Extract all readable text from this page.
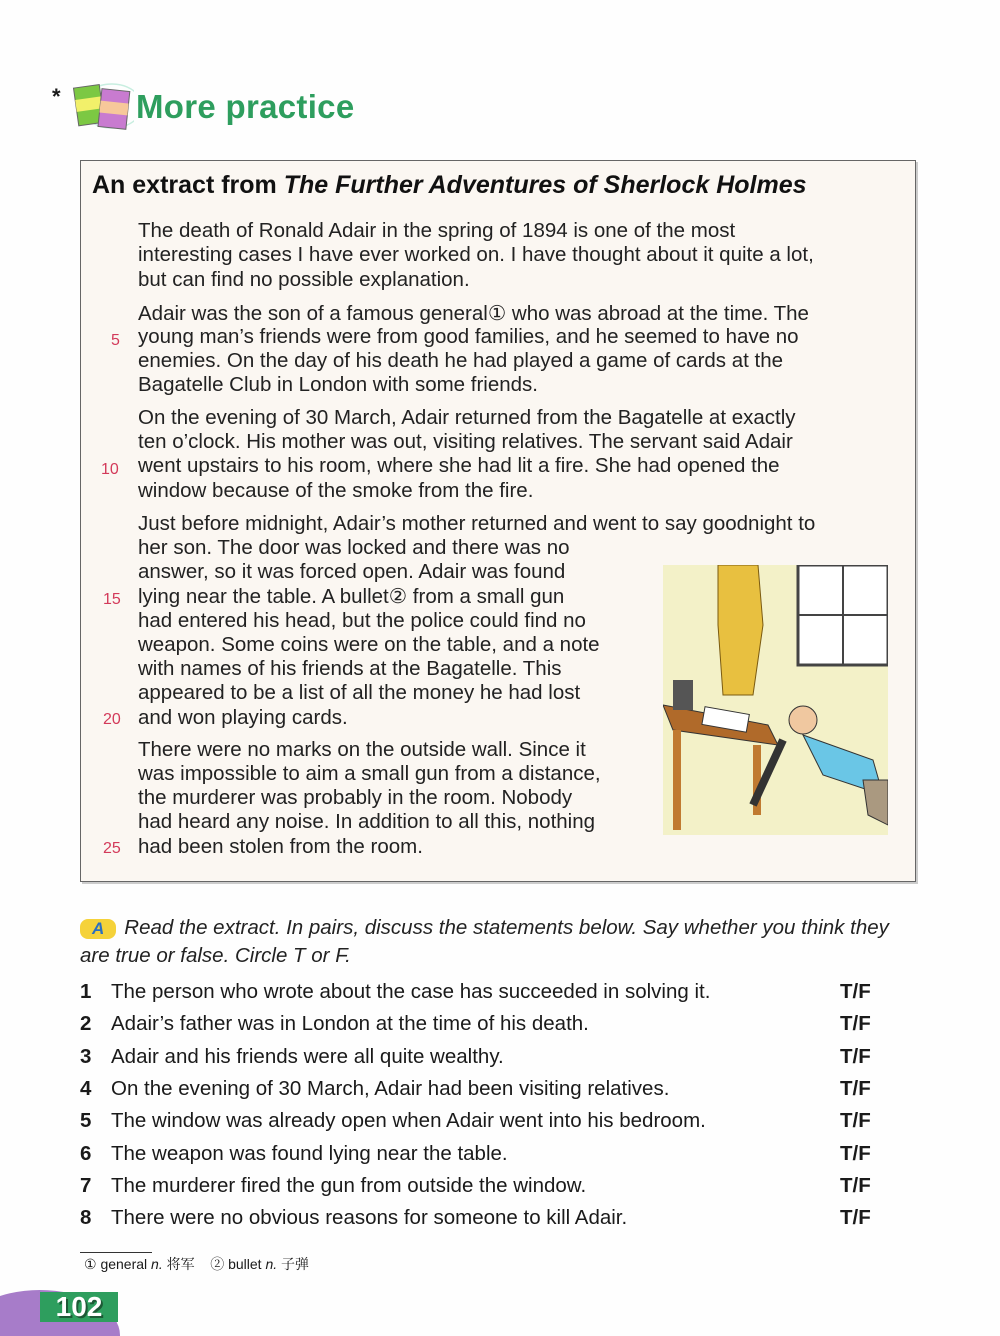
* More practice
An extract from The Further Adventures of Sherlock Holmes
The death of Ronald Adair in the spring of 1894 is one of the most
interesting cases I have ever worked on. I have thought about it quite a lot,
but can find no possible explanation.
Adair was the son of a famous general① who was abroad at the time. The
young man’s friends were from good families, and he seemed to have no
enemies. On the day of his death he had played a game of cards at the
Bagatelle Club in London with some friends.
On the evening of 30 March, Adair returned from the Bagatelle at exactly
ten o’clock. His mother was out, visiting relatives. The servant said Adair
went upstairs to his room, where she had lit a fire. She had opened the
window because of the smoke from the fire.
Just before midnight, Adair’s mother returned and went to say goodnight to
her son. The door was locked and there was no
answer, so it was forced open. Adair was found
lying near the table. A bullet② from a small gun
had entered his head, but the police could find no
weapon. Some coins were on the table, and a note
with names of his friends at the Bagatelle. This
appeared to be a list of all the money he had lost
and won playing cards.
There were no marks on the outside wall. Since it
was impossible to aim a small gun from a distance,
the murderer was probably in the room. Nobody
had heard any noise. In addition to all this, nothing
had been stolen from the room.
5
10
15
20
25
A Read the extract. In pairs, discuss the statements below. Say whether you think they are true or false. Circle T or F.
1 The person who wrote about the case has succeeded in solving it.	T/F
2 Adair’s father was in London at the time of his death.	T/F
3 Adair and his friends were all quite wealthy.	T/F
4 On the evening of 30 March, Adair had been visiting relatives.	T/F
5 The window was already open when Adair went into his bedroom.	T/F
6 The weapon was found lying near the table.	T/F
7 The murderer fired the gun from outside the window.	T/F
8 There were no obvious reasons for someone to kill Adair.	T/F
① general n. 将军 ② bullet n. 子弹
102
